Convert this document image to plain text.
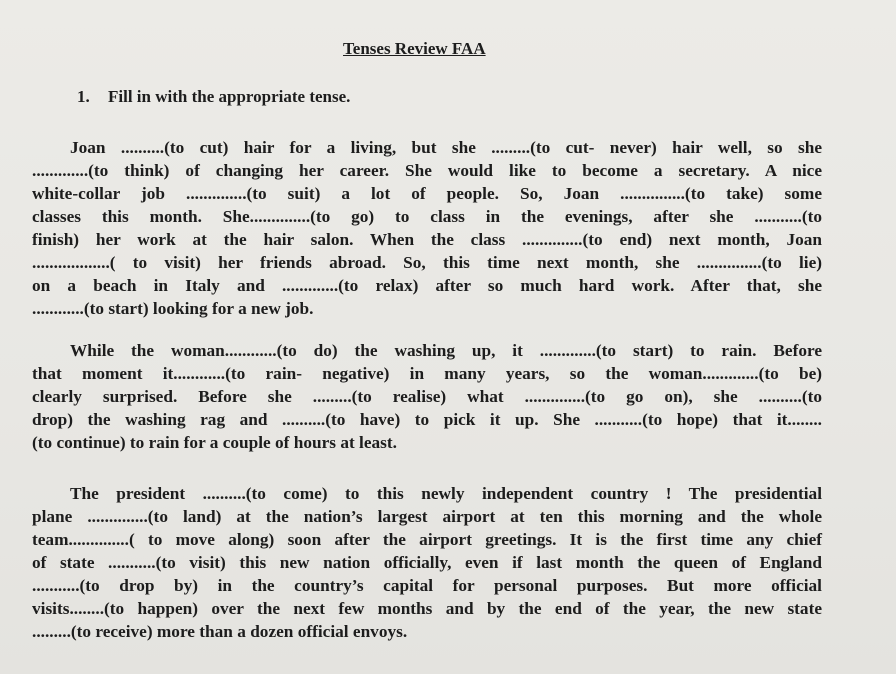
Tenses Review FAA
1. Fill in with the appropriate tense.
Joan ..........(to cut) hair for a living, but she .........(to cut- never) hair well, so she
.............(to think) of changing her career. She would like to become a secretary. A nice
white-collar job ..............(to suit) a lot of people. So, Joan ...............(to take) some
classes this month. She..............(to go) to class in the evenings, after she ...........(to
finish) her work at the hair salon. When the class ..............(to end) next month, Joan
..................( to visit) her friends abroad. So, this time next month, she ...............(to lie)
on a beach in Italy and .............(to relax) after so much hard work. After that, she
............(to start) looking for a new job.
While the woman............(to do) the washing up, it .............(to start) to rain. Before
that moment it............(to rain- negative) in many years, so the woman.............(to be)
clearly surprised. Before she .........(to realise) what ..............(to go on), she ..........(to
drop) the washing rag and ..........(to have) to pick it up. She ...........(to hope) that it........
(to continue) to rain for a couple of hours at least.
The president ..........(to come) to this newly independent country ! The presidential
plane ..............(to land) at the nation’s largest airport at ten this morning and the whole
team..............( to move along) soon after the airport greetings. It is the first time any chief
of state ...........(to visit) this new nation officially, even if last month the queen of England
...........(to drop by) in the country’s capital for personal purposes. But more official
visits........(to happen) over the next few months and by the end of the year, the new state
.........(to receive) more than a dozen official envoys.
